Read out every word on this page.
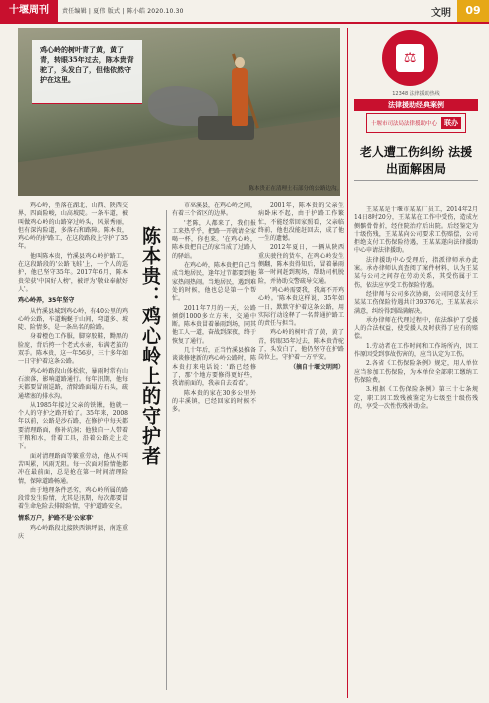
十堰周刊	责任编辑 | 夏伟 版式 | 陈小皓 2020.10.30	文明	09

鸡心岭的树叶青了黄，黄了青，转眼35年过去，陈本贵背驼了，头发白了，但他依然守护在这里。

陈本贵正在清理土石部分的公路边沟。

鸡心岭，坐落在湖北、山西、陕西交界，四面险峻，山高坡陡。一条车道，被叫做鸡心岭的山路穿过岭头，风景秀丽，但有深沟险道，多落石和路障。陈本贵，鸡心岭的护路工，在这段路段上守护了35年。

他叫陈本贵，竹溪县鸡心岭护路工，在这段路段的'公路飞蛙'上，一个人的巡护，他已坚守35年。2017年6月，陈本贵荣获'中国好人榜'，被评为'敬业奉献好人'。

鸡心岭养，35年坚守

从竹溪县城到鸡心岭，有40公里的鸡心岭公路，车道蜿蜒于山间，弯道多、坡陡、险情多，是一条出名的险路。

身着橙色工作服，脚穿胶鞋，黝黑的脸庞，背后挎一个老式水壶，布满老茧的双手。陈本贵，这一年56岁，三十多年如一日守护着这条公路。

鸡心岭路段山体松软，暴雨时常有山石滚落，影响道路通行。每年汛期，他每天都要冒雨巡路，清除路面塌方石头，疏通堵塞的排水沟。

从1985年接过父亲的铁锹，他就一个人的守护之路开始了。35年来，2008年以前，公路是沙石路，在修护中每天都要清理路面，修补坑洞；他独自一人带着干粮和水，背着工具，沿着公路走上走下。

面对清理路面等繁重劳动，他从不叫苦叫累，风雨无阻。每一次面对险情他都冲在最前面，总是抢在第一时间清理险情，保障道路畅通。

由于地理条件恶劣，鸡心岭所属的路段常发生险情，尤其是汛期，每次都要冒着生命危险去排除险情，守护道路安全。

情系万户，护路不是'公家事'

鸡心岭路段北接陕西镇坪县，南连重庆

陈本贵：鸡心岭上的守护者

市巫溪县，在鸡心岭之间，有着三个省区的边界。

'老陈，人都来了，我们报工来热乎乎，把路一开就请全家喝一杯，你也来。'在鸡心岭，陈本贵把自己的家当成了过路人的驿站。

在鸡心岭，陈本贵把自己当成当地居民，逢年过节都要到他家热闹热闹。当地居民，遇到难处的时候，他也总是第一个帮忙。

2011年7月的一天，公路倾倒1000多立方米，交通中断。陈本贵冒着暴雨到场，同其他工人一道，奋战到深夜，终于恢复了通行。

几十年后，正当竹溪县推备谈谈修建新的鸡心岭公路时，陈本贵打来电话说：'路已经修了，那'个地方要修得更好些，我请前面的，我亲自去看看'。

陈本贵的家在30多公里外的丰溪镇，已经回家的时候不多。

2001年，陈本贵的父亲生病卧床不起，由于护路工作繁忙，不能经常回家照看，父亲临终前，他也没能赶回去，成了他一生的遗憾。

2012年夏日，一辆从陕西重庆驶往的货车，在鸡心岭发生侧翻，陈本贵得知后，冒着暴雨第一时间赶到现场，帮助司机脱险，并协助交警疏导交通。

'鸡心岭需要我，我离不开鸡心岭。'陈本贵这样说，35年如一日，默默守护着这条公路，用实际行动诠释了一名普通护路工的责任与担当。

鸡心岭的树叶青了黄，黄了青，转眼35年过去，陈本贵背驼了，头发白了，他仍坚守在护路岗位上，守护着一方平安。

（摘自十堰文明网）

⚖
12348 法律援助热线
法律援助经典案例
十堰市司法局法律援助中心 联办
老人遭工伤纠纷 法援出面解困局

王某某是十堰市某某厂员工，2014年2月14日8时20分，王某某在工作中受伤，造成左侧髌骨骨折，经住院治疗后出院。后经鉴定为十级伤残，王某某向公司要求工伤赔偿，公司拒绝支付工伤保险待遇，王某某遂向法律援助中心申请法律援助。

法律援助中心受理后，指派律师承办此案。承办律师认真查阅了案件材料，认为王某某与公司之间存在劳动关系，其受伤属于工伤，依法应享受工伤保险待遇。

经律师与公司多次协商，公司同意支付王某某工伤保险待遇共计39376元，王某某表示满意，纠纷得到圆满解决。

承办律师在代理过程中，依法维护了受援人的合法权益，使受援人及时获得了应有的赔偿。

1.劳动者在工作时间和工作场所内，因工作原因受到事故伤害的，应当认定为工伤。

2.各省《工伤保险条例》规定，用人单位应当参加工伤保险，为本单位全部职工缴纳工伤保险费。

3.根据《工伤保险条例》第三十七条规定，职工因工致残被鉴定为七级至十级伤残的，享受一次性伤残补助金。
